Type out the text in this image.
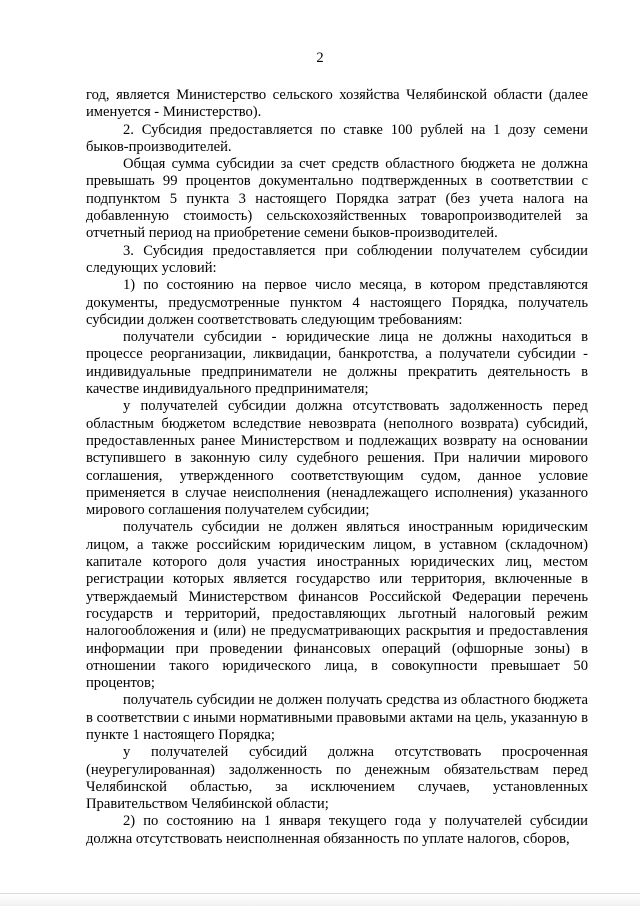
2

год, является Министерство сельского хозяйства Челябинской области (далее именуется - Министерство).

2. Субсидия предоставляется по ставке 100 рублей на 1 дозу семени быков-производителей.

Общая сумма субсидии за счет средств областного бюджета не должна превышать 99 процентов документально подтвержденных в соответствии с подпунктом 5 пункта 3 настоящего Порядка затрат (без учета налога на добавленную стоимость) сельскохозяйственных товаропроизводителей за отчетный период на приобретение семени быков-производителей.

3. Субсидия предоставляется при соблюдении получателем субсидии следующих условий:

1) по состоянию на первое число месяца, в котором представляются документы, предусмотренные пунктом 4 настоящего Порядка, получатель субсидии должен соответствовать следующим требованиям:

получатели субсидии - юридические лица не должны находиться в процессе реорганизации, ликвидации, банкротства, а получатели субсидии - индивидуальные предприниматели не должны прекратить деятельность в качестве индивидуального предпринимателя;

у получателей субсидии должна отсутствовать задолженность перед областным бюджетом вследствие невозврата (неполного возврата) субсидий, предоставленных ранее Министерством и подлежащих возврату на основании вступившего в законную силу судебного решения. При наличии мирового соглашения, утвержденного соответствующим судом, данное условие применяется в случае неисполнения (ненадлежащего исполнения) указанного мирового соглашения получателем субсидии;

получатель субсидии не должен являться иностранным юридическим лицом, а также российским юридическим лицом, в уставном (складочном) капитале которого доля участия иностранных юридических лиц, местом регистрации которых является государство или территория, включенные в утверждаемый Министерством финансов Российской Федерации перечень государств и территорий, предоставляющих льготный налоговый режим налогообложения и (или) не предусматривающих раскрытия и предоставления информации при проведении финансовых операций (офшорные зоны) в отношении такого юридического лица, в совокупности превышает 50 процентов;

получатель субсидии не должен получать средства из областного бюджета в соответствии с иными нормативными правовыми актами на цель, указанную в пункте 1 настоящего Порядка;

у получателей субсидий должна отсутствовать просроченная (неурегулированная) задолженность по денежным обязательствам перед Челябинской областью, за исключением случаев, установленных Правительством Челябинской области;

2) по состоянию на 1 января текущего года у получателей субсидии должна отсутствовать неисполненная обязанность по уплате налогов, сборов,
